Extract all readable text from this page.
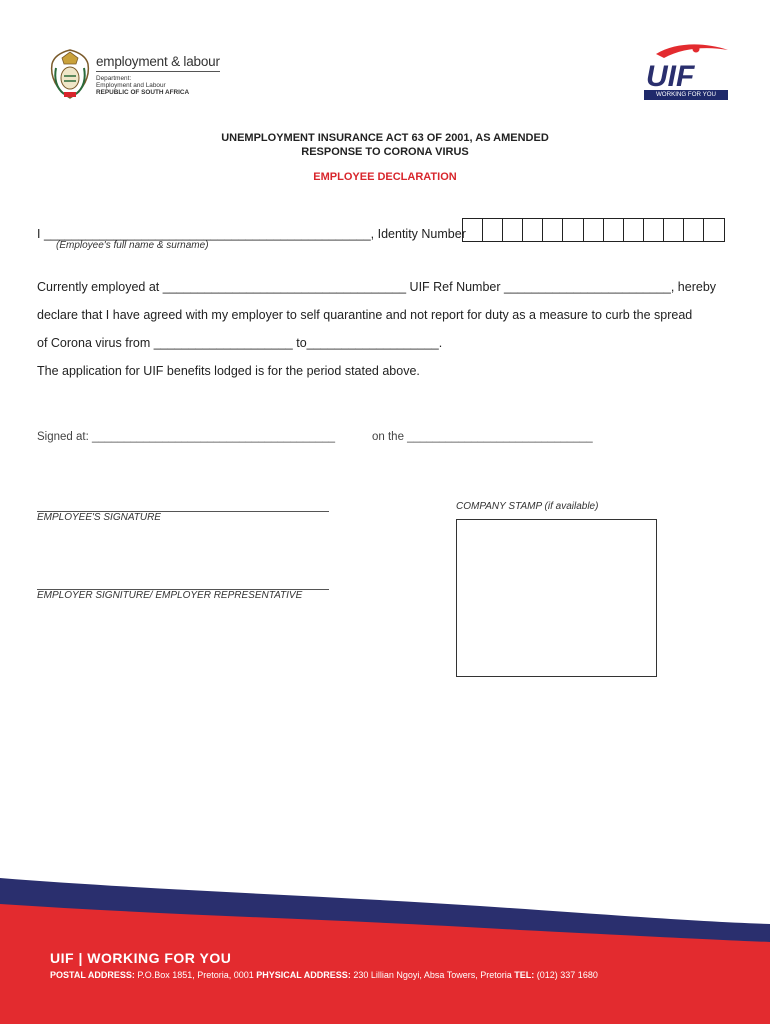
employment & labour
Department:
Employment and Labour
REPUBLIC OF SOUTH AFRICA	UIF
WORKING FOR YOU
UNEMPLOYMENT INSURANCE ACT 63 OF 2001, AS AMENDED
RESPONSE TO CORONA VIRUS
EMPLOYEE DECLARATION
I _______________________________________________, Identity Number
(Employee's full name & surname)
Currently employed at ___________________________________ UIF Ref Number ________________________, hereby
declare that I have agreed with my employer to self quarantine and not report for duty as a measure to curb the spread
of Corona virus from ____________________ to___________________.
The application for UIF benefits lodged is for the period stated above.
Signed at: ______________________________________	on the _____________________________
EMPLOYEE'S SIGNATURE
EMPLOYER SIGNITURE/ EMPLOYER REPRESENTATIVE
COMPANY STAMP (if available)
UIF | WORKING FOR YOU
POSTAL ADDRESS: P.O.Box 1851, Pretoria, 0001 PHYSICAL ADDRESS: 230 Lillian Ngoyi, Absa Towers, Pretoria TEL: (012) 337 1680
